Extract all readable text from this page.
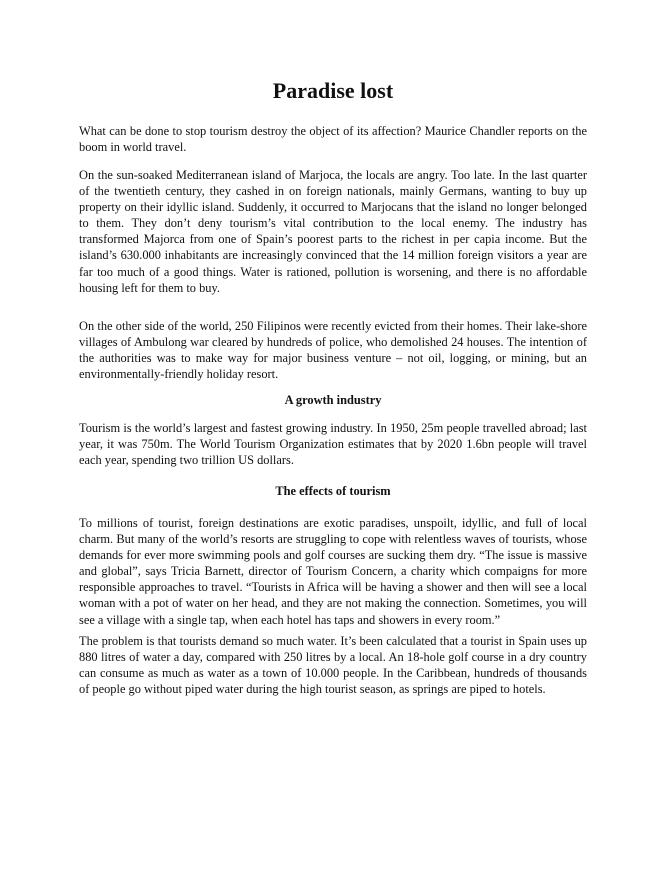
Paradise lost

What can be done to stop tourism destroy the object of its affection? Maurice Chandler reports on the boom in world travel.

On the sun-soaked Mediterranean island of Marjoca, the locals are angry. Too late. In the last quarter of the twentieth century, they cashed in on foreign nationals, mainly Germans, wanting to buy up property on their idyllic island. Suddenly, it occurred to Marjocans that the island no longer belonged to them. They don’t deny tourism’s vital contribution to the local enemy. The industry has transformed Majorca from one of Spain’s poorest parts to the richest in per capia income. But the island’s 630.000 inhabitants are increasingly convinced that the 14 million foreign visitors a year are far too much of a good things. Water is rationed, pollution is worsening, and there is no affordable housing left for them to buy.

On the other side of the world, 250 Filipinos were recently evicted from their homes. Their lake-shore villages of Ambulong war cleared by hundreds of police, who demolished 24 houses. The intention of the authorities was to make way for major business venture – not oil, logging, or mining, but an environmentally-friendly holiday resort.

A growth industry

Tourism is the world’s largest and fastest growing industry. In 1950, 25m people travelled abroad; last year, it was 750m. The World Tourism Organization estimates that by 2020 1.6bn people will travel each year, spending two trillion US dollars.

The effects of tourism

To millions of tourist, foreign destinations are exotic paradises, unspoilt, idyllic, and full of local charm. But many of the world’s resorts are struggling to cope with relentless waves of tourists, whose demands for ever more swimming pools and golf courses are sucking them dry. “The issue is massive and global”, says Tricia Barnett, director of Tourism Concern, a charity which compaigns for more responsible approaches to travel. “Tourists in Africa will be having a shower and then will see a local woman with a pot of water on her head, and they are not making the connection. Sometimes, you will see a village with a single tap, when each hotel has taps and showers in every room.”

The problem is that tourists demand so much water. It’s been calculated that a tourist in Spain uses up 880 litres of water a day, compared with 250 litres by a local. An 18-hole golf course in a dry country can consume as much as water as a town of 10.000 people. In the Caribbean, hundreds of thousands of people go without piped water during the high tourist season, as springs are piped to hotels.
